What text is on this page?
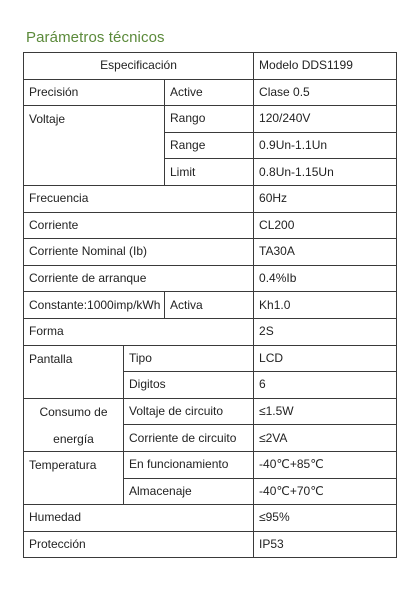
Parámetros técnicos
Especificación			Modelo DDS1199
Precisión		Active	Clase 0.5
Voltaje		Rango	120/240V
		Range	0.9Un-1.1Un
		Limit	0.8Un-1.15Un
Frecuencia			60Hz
Corriente			CL200
Corriente Nominal (Ib)			TA30A
Corriente de arranque			0.4%Ib
Constante:1000imp/kWh		Activa	Kh1.0
Forma			2S
Pantalla	Tipo		LCD
	Digitos		6

Consumo de
energía	Voltaje de circuito		≤1.5W
	Corriente de circuito		≤2VA
Temperatura	En funcionamiento		-40℃+85℃
	Almacenaje		-40℃+70℃
Humedad			≤95%
Protección			IP53
